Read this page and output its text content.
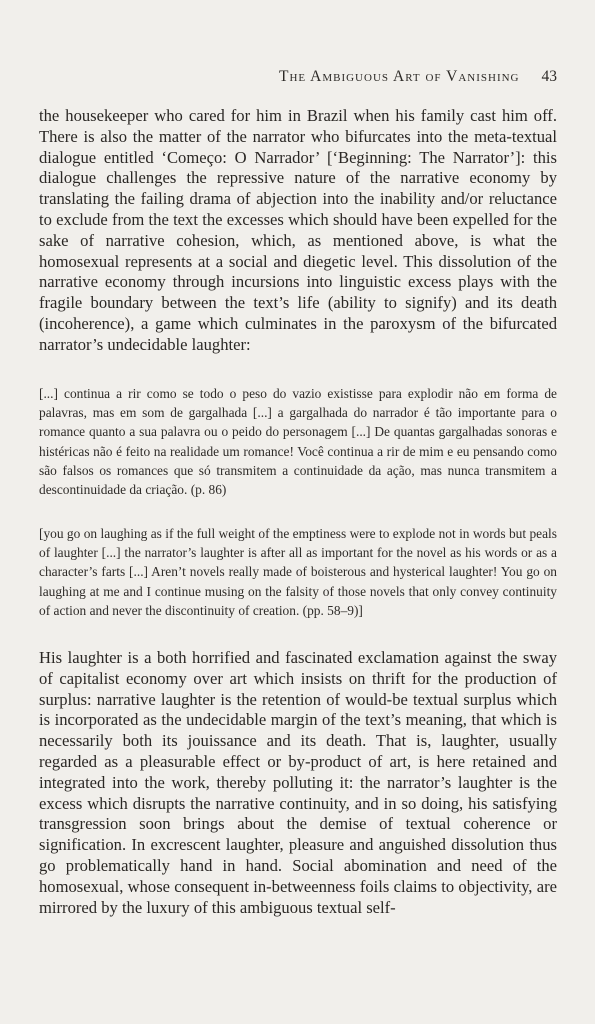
The Ambiguous Art of Vanishing 43

the housekeeper who cared for him in Brazil when his family cast him off. There is also the matter of the narrator who bifurcates into the meta-textual dialogue entitled ‘Começo: O Narrador’ [‘Beginning: The Narrator’]: this dialogue challenges the repressive nature of the narrative economy by translating the failing drama of abjection into the inability and/or reluctance to exclude from the text the excesses which should have been expelled for the sake of narrative cohesion, which, as mentioned above, is what the homosexual represents at a social and diegetic level. This dissolution of the narrative economy through incursions into linguistic excess plays with the fragile boundary between the text’s life (ability to signify) and its death (incoherence), a game which culminates in the paroxysm of the bifurcated narrator’s undecidable laughter:

[...] continua a rir como se todo o peso do vazio existisse para explodir não em forma de palavras, mas em som de gargalhada [...] a gargalhada do narrador é tão importante para o romance quanto a sua palavra ou o peido do personagem [...] De quantas gargalhadas sonoras e histéricas não é feito na realidade um romance! Você continua a rir de mim e eu pensando como são falsos os romances que só transmitem a continuidade da ação, mas nunca transmitem a descontinuidade da criação. (p. 86)

[you go on laughing as if the full weight of the emptiness were to explode not in words but peals of laughter [...] the narrator’s laughter is after all as important for the novel as his words or as a character’s farts [...] Aren’t novels really made of boisterous and hysterical laughter! You go on laughing at me and I continue musing on the falsity of those novels that only convey continuity of action and never the discontinuity of creation. (pp. 58–9)]

His laughter is a both horrified and fascinated exclamation against the sway of capitalist economy over art which insists on thrift for the production of surplus: narrative laughter is the retention of would-be textual surplus which is incorporated as the undecidable margin of the text’s meaning, that which is necessarily both its jouissance and its death. That is, laughter, usually regarded as a pleasurable effect or by-product of art, is here retained and integrated into the work, thereby polluting it: the narrator’s laughter is the excess which disrupts the narrative continuity, and in so doing, his satisfying transgression soon brings about the demise of textual coherence or signification. In excrescent laughter, pleasure and anguished dissolution thus go problematically hand in hand. Social abomination and need of the homosexual, whose consequent in-betweenness foils claims to objectivity, are mirrored by the luxury of this ambiguous textual self-
